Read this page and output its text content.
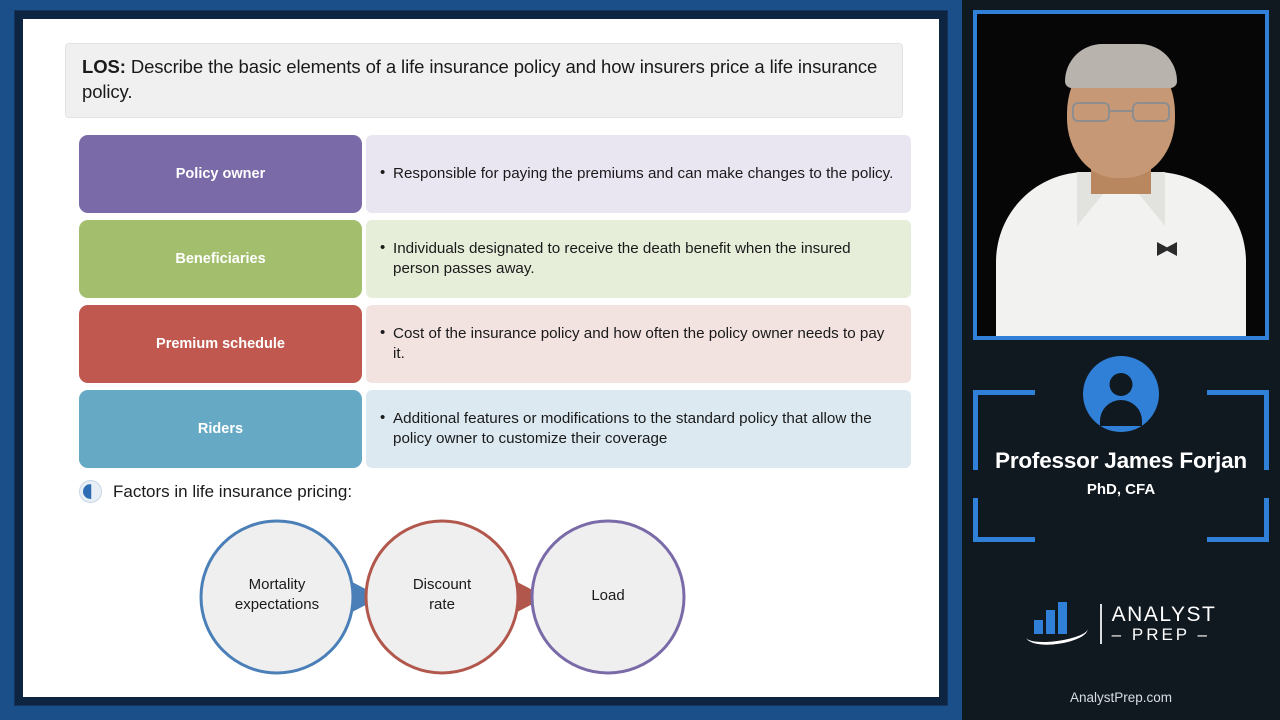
LOS: Describe the basic elements of a life insurance policy and how insurers price a life insurance policy.
Policy owner	• Responsible for paying the premiums and can make changes to the policy.
Beneficiaries
• Individuals designated to receive the death benefit when the insured person passes away.
Premium schedule
• Cost of the insurance policy and how often the policy owner needs to pay it.
Riders
• Additional features or modifications to the standard policy that allow the policy owner to customize their coverage
Factors in life insurance pricing:
Mortality
expectations
Discount
rate	Load
Professor James Forjan
PhD, CFA
ANALYST
– PREP –
AnalystPrep.com
